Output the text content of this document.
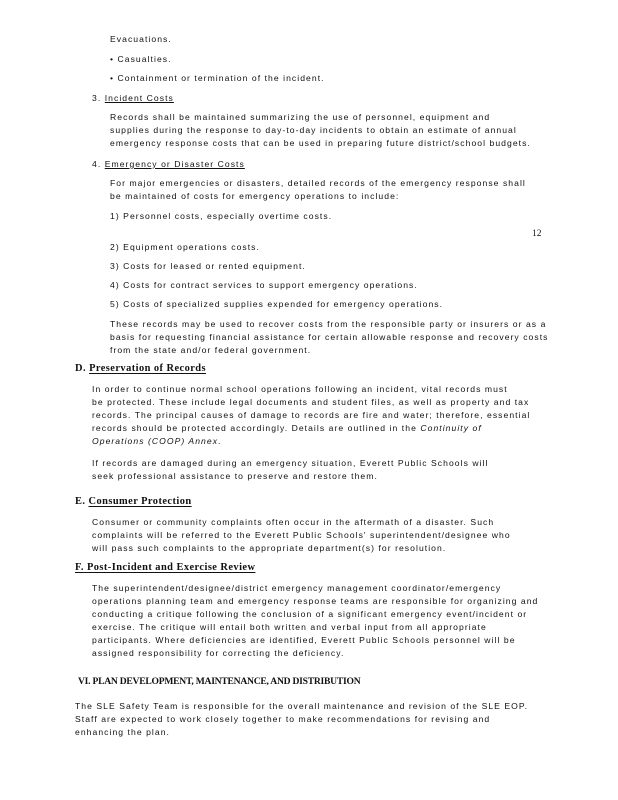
Evacuations.
• Casualties.
• Containment or termination of the incident.
3. Incident Costs
Records shall be maintained summarizing the use of personnel, equipment and
supplies during the response to day-to-day incidents to obtain an estimate of annual
emergency response costs that can be used in preparing future district/school budgets.
4. Emergency or Disaster Costs
For major emergencies or disasters, detailed records of the emergency response shall
be maintained of costs for emergency operations to include:
1) Personnel costs, especially overtime costs.
12
2) Equipment operations costs.
3) Costs for leased or rented equipment.
4) Costs for contract services to support emergency operations.
5) Costs of specialized supplies expended for emergency operations.
These records may be used to recover costs from the responsible party or insurers or as a
basis for requesting financial assistance for certain allowable response and recovery costs
from the state and/or federal government.
D. Preservation of Records
In order to continue normal school operations following an incident, vital records must
be protected. These include legal documents and student files, as well as property and tax
records. The principal causes of damage to records are fire and water; therefore, essential
records should be protected accordingly. Details are outlined in the Continuity of
Operations (COOP) Annex.
If records are damaged during an emergency situation, Everett Public Schools will
seek professional assistance to preserve and restore them.
E. Consumer Protection
Consumer or community complaints often occur in the aftermath of a disaster. Such
complaints will be referred to the Everett Public Schools' superintendent/designee who
will pass such complaints to the appropriate department(s) for resolution.
F. Post-Incident and Exercise Review
The superintendent/designee/district emergency management coordinator/emergency
operations planning team and emergency response teams are responsible for organizing and
conducting a critique following the conclusion of a significant emergency event/incident or
exercise. The critique will entail both written and verbal input from all appropriate
participants. Where deficiencies are identified, Everett Public Schools personnel will be
assigned responsibility for correcting the deficiency.
VI. PLAN DEVELOPMENT, MAINTENANCE, AND DISTRIBUTION
The SLE Safety Team is responsible for the overall maintenance and revision of the SLE EOP.
Staff are expected to work closely together to make recommendations for revising and
enhancing the plan.
